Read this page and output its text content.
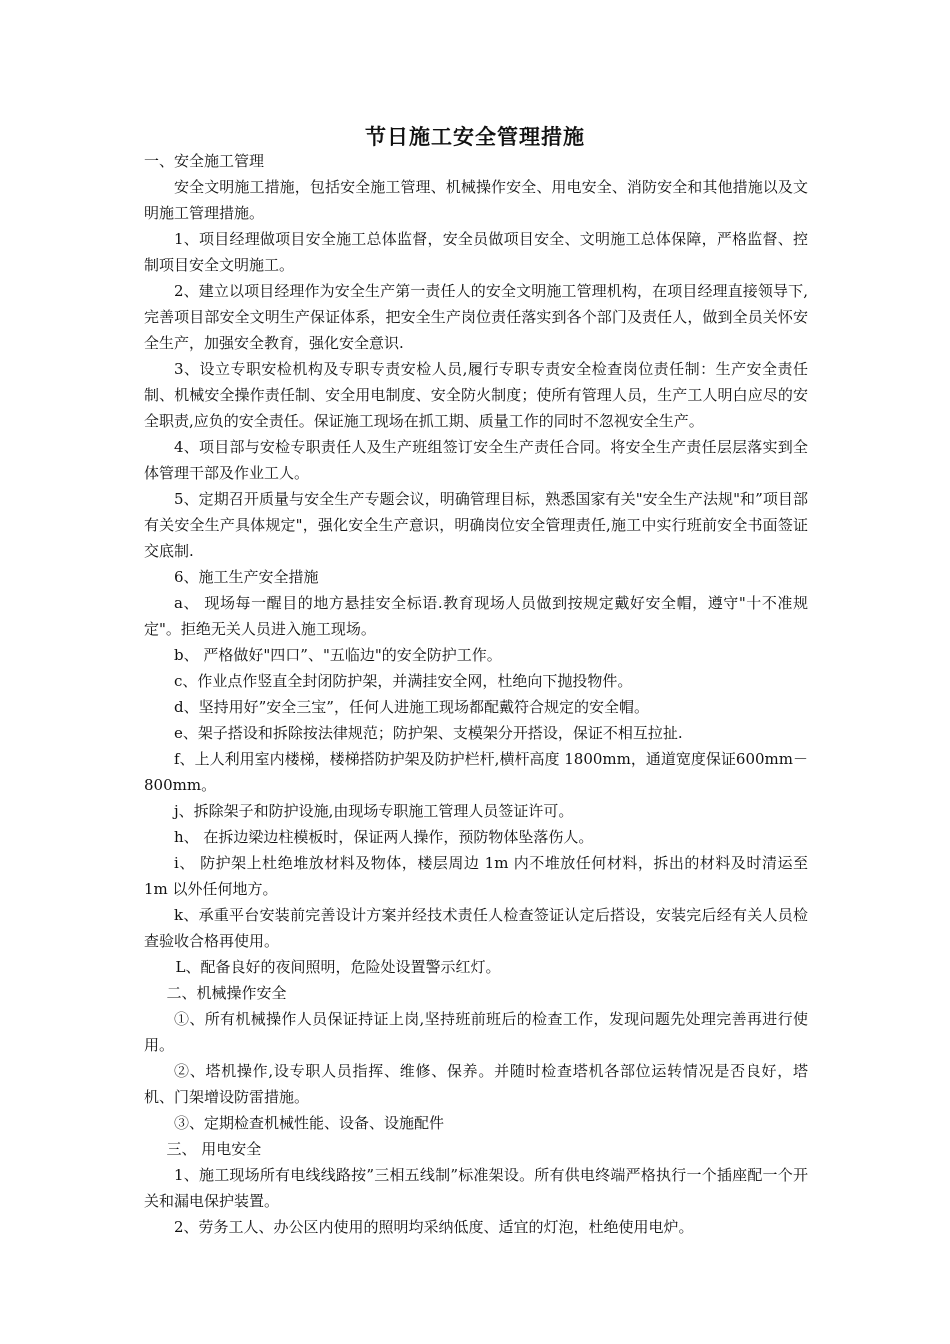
节日施工安全管理措施

一、安全施工管理

安全文明施工措施，包括安全施工管理、机械操作安全、用电安全、消防安全和其他措施以及文明施工管理措施。

1、项目经理做项目安全施工总体监督，安全员做项目安全、文明施工总体保障，严格监督、控制项目安全文明施工。

2、建立以项目经理作为安全生产第一责任人的安全文明施工管理机构，在项目经理直接领导下,完善项目部安全文明生产保证体系，把安全生产岗位责任落实到各个部门及责任人，做到全员关怀安全生产，加强安全教育，强化安全意识.

3、设立专职安检机构及专职专责安检人员,履行专职专责安全检查岗位责任制：生产安全责任制、机械安全操作责任制、安全用电制度、安全防火制度；使所有管理人员，生产工人明白应尽的安全职责,应负的安全责任。保证施工现场在抓工期、质量工作的同时不忽视安全生产。

4、项目部与安检专职责任人及生产班组签订安全生产责任合同。将安全生产责任层层落实到全体管理干部及作业工人。

5、定期召开质量与安全生产专题会议，明确管理目标，熟悉国家有关"安全生产法规"和”项目部有关安全生产具体规定"，强化安全生产意识，明确岗位安全管理责任,施工中实行班前安全书面签证交底制.

6、施工生产安全措施

a、 现场每一醒目的地方悬挂安全标语.教育现场人员做到按规定戴好安全帽，遵守"十不准规定"。拒绝无关人员进入施工现场。

b、 严格做好"四口”、"五临边"的安全防护工作。

c、作业点作竖直全封闭防护架，并满挂安全网，杜绝向下抛投物件。

d、坚持用好”安全三宝”，任何人进施工现场都配戴符合规定的安全帽。

e、架子搭设和拆除按法律规范；防护架、支模架分开搭设，保证不相互拉扯.

f、上人利用室内楼梯，楼梯搭防护架及防护栏杆,横杆高度 1800mm，通道宽度保证600mm－800mm。

j、拆除架子和防护设施,由现场专职施工管理人员签证许可。

h、 在拆边梁边柱模板时，保证两人操作，预防物体坠落伤人。

i、 防护架上杜绝堆放材料及物体，楼层周边 1m 内不堆放任何材料，拆出的材料及时清运至 1m 以外任何地方。

k、承重平台安装前完善设计方案并经技术责任人检查签证认定后搭设，安装完后经有关人员检查验收合格再使用。

L、配备良好的夜间照明，危险处设置警示红灯。

二、机械操作安全

①、所有机械操作人员保证持证上岗,坚持班前班后的检查工作，发现问题先处理完善再进行使用。

②、塔机操作,设专职人员指挥、维修、保养。并随时检查塔机各部位运转情况是否良好，塔机、门架增设防雷措施。

③、定期检查机械性能、设备、设施配件

三、 用电安全

1、施工现场所有电线线路按”三相五线制”标准架设。所有供电终端严格执行一个插座配一个开关和漏电保护装置。

2、劳务工人、办公区内使用的照明均采纳低度、适宜的灯泡，杜绝使用电炉。
